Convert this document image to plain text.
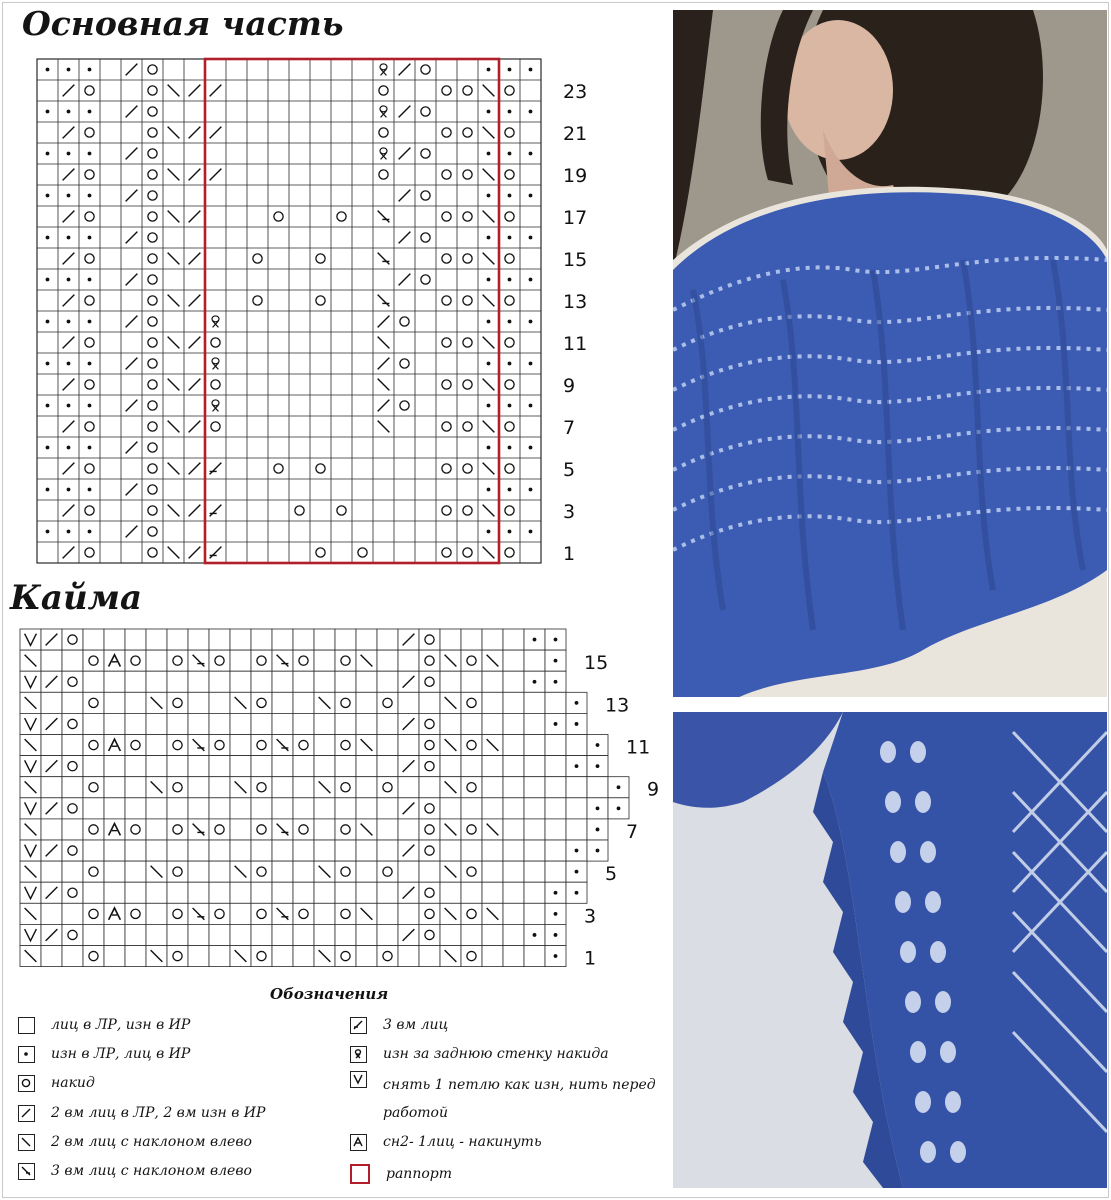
Основная часть
Кайма
23
21
19
17
15
13
11
9
7
5
3
1
15
13
11
9
7
5
3
1
Обозначения
лиц в ЛР, изн в ИР
изн в ЛР, лиц в ИР
накид
2 вм лиц в ЛР, 2 вм изн в ИР
2 вм лиц с наклоном влево
3 вм лиц с наклоном влево
3 вм лиц
изн за заднюю стенку накида
снять 1 петлю как изн, нить перед работой
сн2- 1лиц - накинуть
раппорт
